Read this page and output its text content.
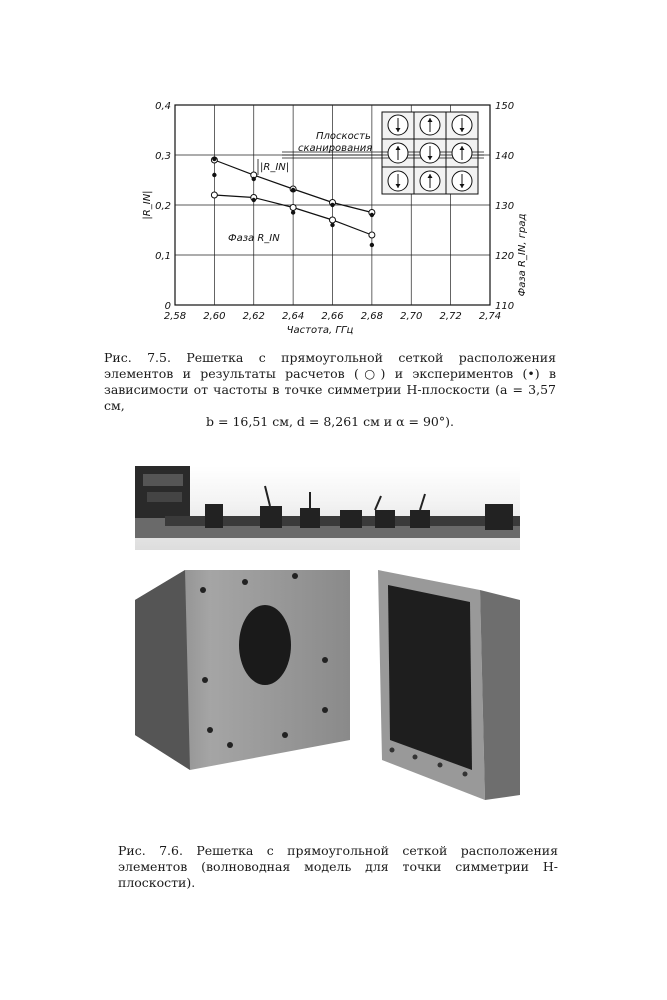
2,58 2,60 2,62 2,64 2,66 2,68 2,70 2,72 2,74
0
0,1
0,2
0,3
0,4
110
120
130
140
150
Частота, ГГц
|R_IN|
Фаза R_IN, град
|R_IN|
Фаза R_IN
Плоскость
сканирования
Рис. 7.5. Решетка с прямоугольной сеткой расположения элементов и результаты расчетов (○) и экспериментов (•) в зависимости от частоты в точке симметрии H-плоскости (a = 3,57 см,
b = 16,51 см, d = 8,261 см и α = 90°).
Рис. 7.6. Решетка с прямоугольной сеткой расположения элементов (волноводная модель для точки симметрии H-плоскости).
